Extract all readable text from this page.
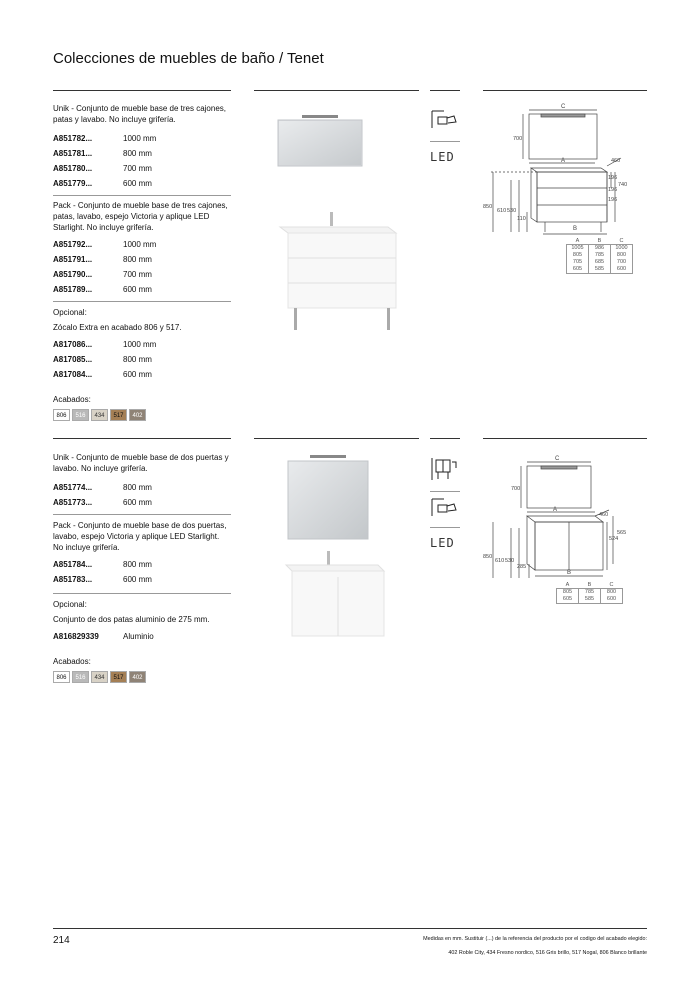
Colecciones de muebles de baño / Tenet

Unik - Conjunto de mueble base de tres cajones, patas y lavabo. No incluye grifería.

A851782...	1000 mm
A851781...	800 mm
A851780...	700 mm
A851779...	600 mm

Pack - Conjunto de mueble base de tres cajones, patas, lavabo, espejo Victoria y aplique LED Starlight. No incluye grifería.

A851792...	1000 mm
A851791...	800 mm
A851790...	700 mm
A851789...	600 mm

Opcional:

Zócalo Extra en acabado 806 y 517.

A817086...	1000 mm
A817085...	800 mm
A817084...	600 mm

Acabados:

806	516	434	517	402
LED
C
700
A	460
196
196
196
740
850
610 530
110
B
A	B	C
1005	986	1000
805	785	800
705	685	700
605	585	600

Unik - Conjunto de mueble base de dos puertas y lavabo. No incluye grifería.

A851774...	800 mm
A851773...	600 mm

Pack - Conjunto de mueble base de dos puertas, lavabo, espejo Victoria y aplique LED Starlight. No incluye grifería.

A851784...	800 mm
A851783...	600 mm

Opcional:

Conjunto de dos patas aluminio de 275 mm.

A816829339	Aluminio

Acabados:

806	516	434	517	402
LED
C
700
A
460
565
524
850
610 530
285
B
A	B	C
805	785	800
605	585	600
214	Medidas en mm. Sustituir (...) de la referencia del producto por el codigo del acabado elegido:
402 Roble City, 434 Fresno nordico, 516 Gris brillo, 517 Nogal, 806 Blanco brillante
